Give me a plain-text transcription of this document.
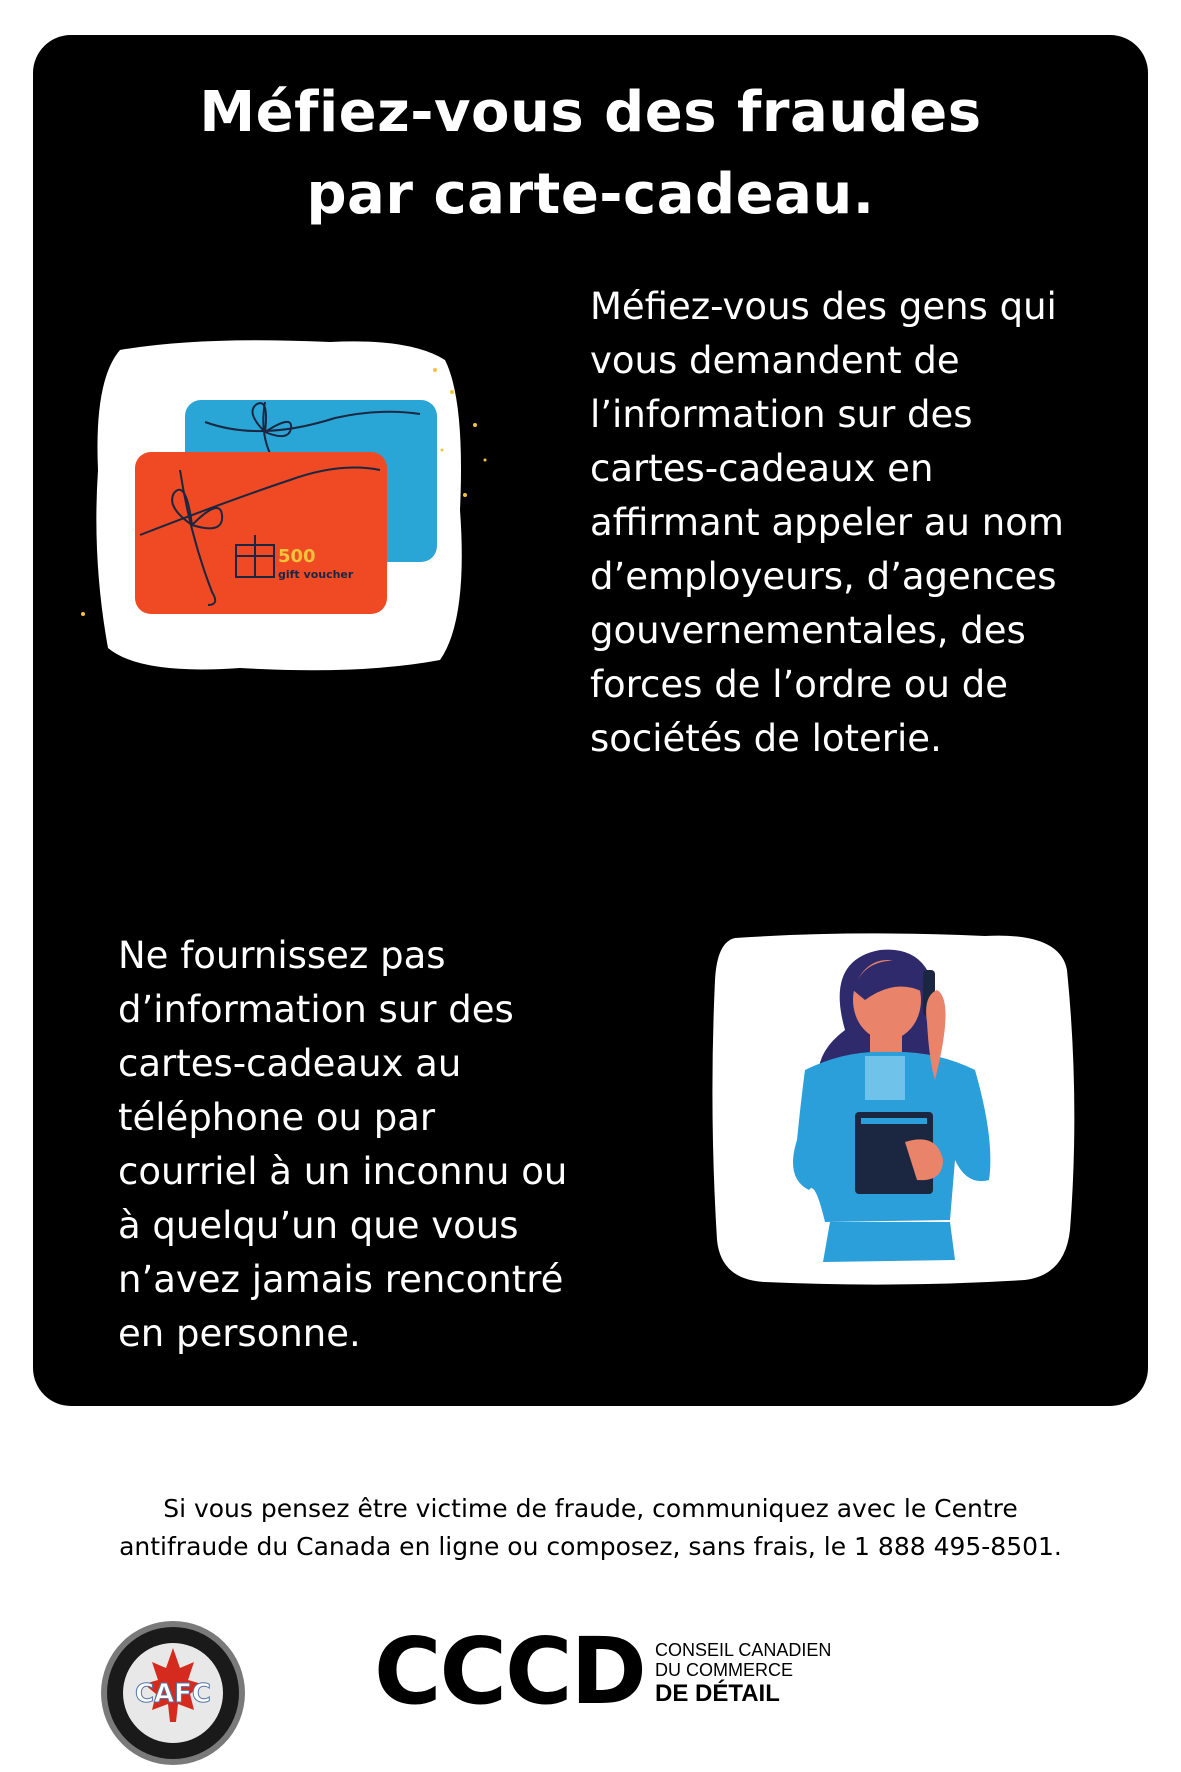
Méfiez-vous des fraudes
par carte-cadeau.
500
gift voucher
Méfiez-vous des gens qui
vous demandent de
l’information sur des
cartes-cadeaux en
affirmant appeler au nom
d’employeurs, d’agences
gouvernementales, des
forces de l’ordre ou de
sociétés de loterie.
Ne fournissez pas
d’information sur des
cartes-cadeaux au
téléphone ou par
courriel à un inconnu ou
à quelqu’un que vous
n’avez jamais rencontré
en personne.
Si vous pensez être victime de fraude, communiquez avec le Centre
antifraude du Canada en ligne ou composez, sans frais, le 1 888 495-8501.
CAFC CCCD CONSEIL CANADIEN
DU COMMERCE
DE DÉTAIL
